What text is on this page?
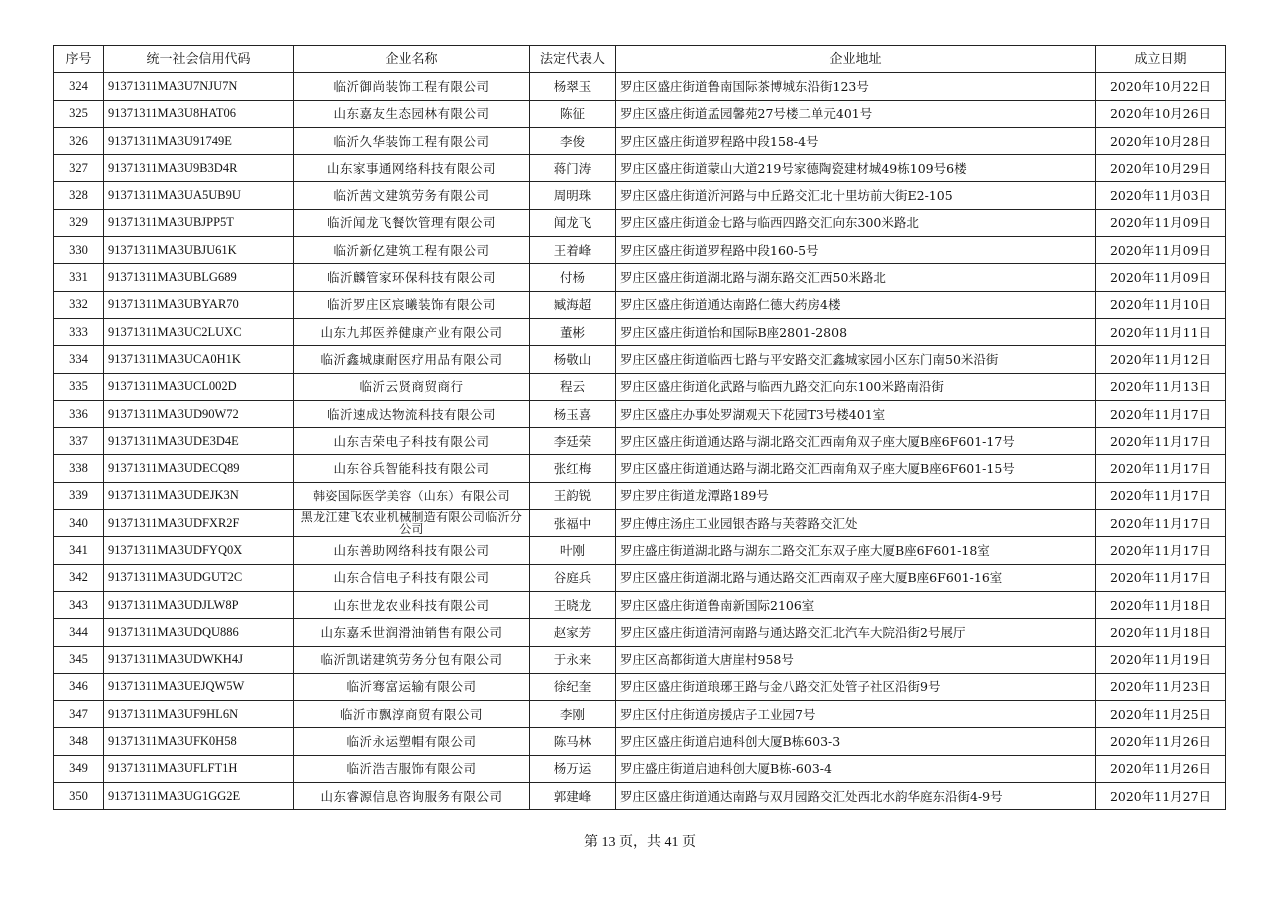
序号	统一社会信用代码	企业名称	法定代表人	企业地址	成立日期
324	91371311MA3U7NJU7N	临沂御尚装饰工程有限公司	杨翠玉	罗庄区盛庄街道鲁南国际茶博城东沿街123号	2020年10月22日
325	91371311MA3U8HAT06	山东嘉友生态园林有限公司	陈征	罗庄区盛庄街道孟园馨苑27号楼二单元401号	2020年10月26日
326	91371311MA3U91749E	临沂久华装饰工程有限公司	李俊	罗庄区盛庄街道罗程路中段158-4号	2020年10月28日
327	91371311MA3U9B3D4R	山东家事通网络科技有限公司	蒋门涛	罗庄区盛庄街道蒙山大道219号家德陶瓷建材城49栋109号6楼	2020年10月29日
328	91371311MA3UA5UB9U	临沂茜文建筑劳务有限公司	周明珠	罗庄区盛庄街道沂河路与中丘路交汇北十里坊前大街E2-105	2020年11月03日
329	91371311MA3UBJPP5T	临沂闻龙飞餐饮管理有限公司	闻龙飞	罗庄区盛庄街道金七路与临西四路交汇向东300米路北	2020年11月09日
330	91371311MA3UBJU61K	临沂新亿建筑工程有限公司	王着峰	罗庄区盛庄街道罗程路中段160-5号	2020年11月09日
331	91371311MA3UBLG689	临沂麟管家环保科技有限公司	付杨	罗庄区盛庄街道湖北路与湖东路交汇西50米路北	2020年11月09日
332	91371311MA3UBYAR70	临沂罗庄区宸曦装饰有限公司	臧海超	罗庄区盛庄街道通达南路仁德大药房4楼	2020年11月10日
333	91371311MA3UC2LUXC	山东九邦医养健康产业有限公司	董彬	罗庄区盛庄街道怡和国际B座2801-2808	2020年11月11日
334	91371311MA3UCA0H1K	临沂鑫城康耐医疗用品有限公司	杨敬山	罗庄区盛庄街道临西七路与平安路交汇鑫城家园小区东门南50米沿街	2020年11月12日
335	91371311MA3UCL002D	临沂云贤商贸商行	程云	罗庄区盛庄街道化武路与临西九路交汇向东100米路南沿街	2020年11月13日
336	91371311MA3UD90W72	临沂速成达物流科技有限公司	杨玉喜	罗庄区盛庄办事处罗湖观天下花园T3号楼401室	2020年11月17日
337	91371311MA3UDE3D4E	山东吉荣电子科技有限公司	李廷荣	罗庄区盛庄街道通达路与湖北路交汇西南角双子座大厦B座6F601-17号	2020年11月17日
338	91371311MA3UDECQ89	山东谷兵智能科技有限公司	张红梅	罗庄区盛庄街道通达路与湖北路交汇西南角双子座大厦B座6F601-15号	2020年11月17日
339	91371311MA3UDEJK3N	韩姿国际医学美容（山东）有限公司	王韵锐	罗庄罗庄街道龙潭路189号	2020年11月17日
340	91371311MA3UDFXR2F	黑龙江建飞农业机械制造有限公司临沂分公司	张福中	罗庄傅庄汤庄工业园银杏路与芙蓉路交汇处	2020年11月17日
341	91371311MA3UDFYQ0X	山东善助网络科技有限公司	叶刚	罗庄盛庄街道湖北路与湖东二路交汇东双子座大厦B座6F601-18室	2020年11月17日
342	91371311MA3UDGUT2C	山东合信电子科技有限公司	谷庭兵	罗庄区盛庄街道湖北路与通达路交汇西南双子座大厦B座6F601-16室	2020年11月17日
343	91371311MA3UDJLW8P	山东世龙农业科技有限公司	王晓龙	罗庄区盛庄街道鲁南新国际2106室	2020年11月18日
344	91371311MA3UDQU886	山东嘉禾世润滑油销售有限公司	赵家芳	罗庄区盛庄街道清河南路与通达路交汇北汽车大院沿街2号展厅	2020年11月18日
345	91371311MA3UDWKH4J	临沂凯诺建筑劳务分包有限公司	于永来	罗庄区高都街道大唐崖村958号	2020年11月19日
346	91371311MA3UEJQW5W	临沂骞富运输有限公司	徐纪奎	罗庄区盛庄街道琅琊王路与金八路交汇处管子社区沿街9号	2020年11月23日
347	91371311MA3UF9HL6N	临沂市飘淳商贸有限公司	李刚	罗庄区付庄街道房援店子工业园7号	2020年11月25日
348	91371311MA3UFK0H58	临沂永运塑帽有限公司	陈马林	罗庄区盛庄街道启迪科创大厦B栋603-3	2020年11月26日
349	91371311MA3UFLFT1H	临沂浩吉服饰有限公司	杨万运	罗庄盛庄街道启迪科创大厦B栋-603-4	2020年11月26日
350	91371311MA3UG1GG2E	山东睿源信息咨询服务有限公司	郭建峰	罗庄区盛庄街道通达南路与双月园路交汇处西北水韵华庭东沿街4-9号	2020年11月27日
第 13 页，共 41 页
